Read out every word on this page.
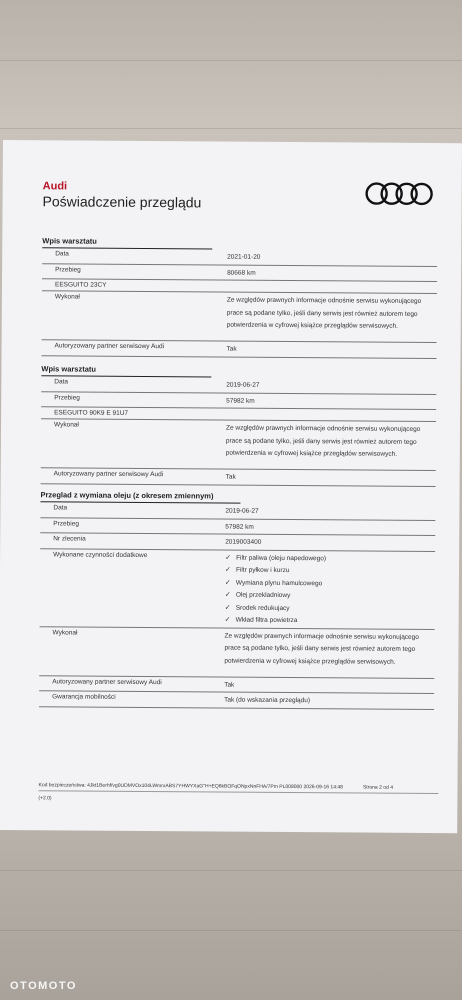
Audi
Poświadczenie przeglądu
Wpis warsztatu
Data	2021-01-20
Przebieg	80668 km
EESGUITO 23CY
Wykonał	Ze względów prawnych informacje odnośnie serwisu wykonującego prace są podane tylko, jeśli dany serwis jest również autorem tego potwierdzenia w cyfrowej książce przeglądów serwisowych.
Autoryzowany partner serwisowy Audi	Tak
Wpis warsztatu
Data	2019-06-27
Przebieg	57982 km
ESEGUITO 90K9 E 91U7
Wykonał	Ze względów prawnych informacje odnośnie serwisu wykonującego prace są podane tylko, jeśli dany serwis jest również autorem tego potwierdzenia w cyfrowej książce przeglądów serwisowych.
Autoryzowany partner serwisowy Audi	Tak
Przeglad z wymiana oleju (z okresem zmiennym)
Data	2019-06-27
Przebieg	57982 km
Nr zlecenia	2019003400
Wykonane czynności dodatkowe	✓ Filtr paliwa (oleju napedowego)
✓ Filtr pyłkow i kurzu
✓ Wymiana plynu hamulcowego
✓ Olej przekladniowy
✓ Srodek redukujacy
✓ Wkład filtra powietrza
Wykonał	Ze względów prawnych informacje odnośnie serwisu wykonującego prace są podane tylko, jeśli dany serwis jest również autorem tego potwierdzenia w cyfrowej książce przeglądów serwisowych.
Autoryzowany partner serwisowy Audi	Tak
Gwarancja mobilności	Tak (do wskazania przeglądu)
Kod bezpieczeństwa: 4Jkt1Berhf/vg0UDMVOx104LWmrxABS7YHWYXaG"H+EQ6kBOFqONpxNnFHA/7Pm PL008000 2026-09-16 14:48	Strona 2 od 4
(+2.0)
OTOMOTO
